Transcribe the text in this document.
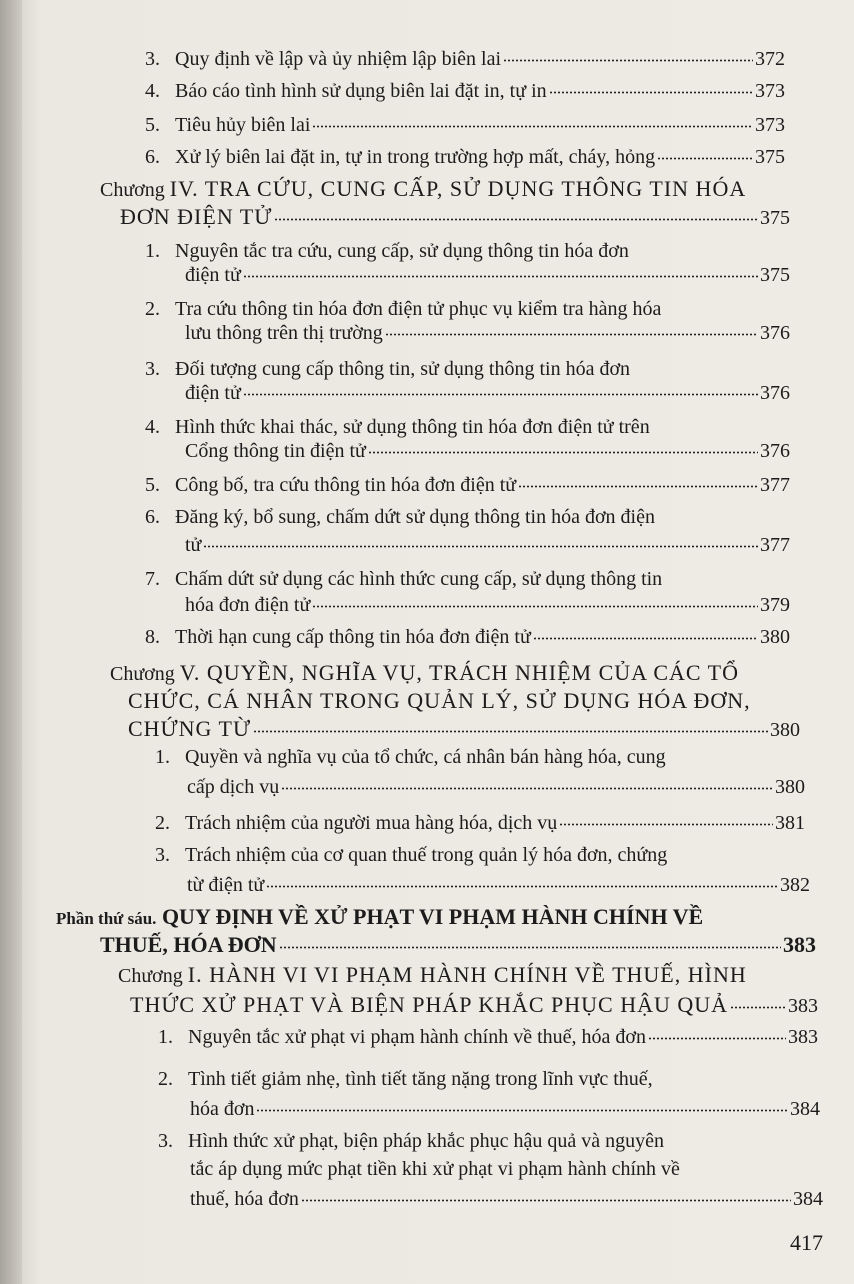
3. Quy định về lập và ủy nhiệm lập biên lai	372
4. Báo cáo tình hình sử dụng biên lai đặt in, tự in	373
5. Tiêu hủy biên lai	373
6. Xử lý biên lai đặt in, tự in trong trường hợp mất, cháy, hỏng	375
Chương IV. TRA CỨU, CUNG CẤP, SỬ DỤNG THÔNG TIN HÓA
ĐƠN ĐIỆN TỬ	375
1. Nguyên tắc tra cứu, cung cấp, sử dụng thông tin hóa đơn
điện tử	375
2. Tra cứu thông tin hóa đơn điện tử phục vụ kiểm tra hàng hóa
lưu thông trên thị trường	376
3. Đối tượng cung cấp thông tin, sử dụng thông tin hóa đơn
điện tử	376
4. Hình thức khai thác, sử dụng thông tin hóa đơn điện tử trên
Cổng thông tin điện tử	376
5. Công bố, tra cứu thông tin hóa đơn điện tử	377
6. Đăng ký, bổ sung, chấm dứt sử dụng thông tin hóa đơn điện
tử	377
7. Chấm dứt sử dụng các hình thức cung cấp, sử dụng thông tin
hóa đơn điện tử	379
8. Thời hạn cung cấp thông tin hóa đơn điện tử	380
Chương V. QUYỀN, NGHĨA VỤ, TRÁCH NHIỆM CỦA CÁC TỔ
CHỨC, CÁ NHÂN TRONG QUẢN LÝ, SỬ DỤNG HÓA ĐƠN,
CHỨNG TỪ	380
1. Quyền và nghĩa vụ của tổ chức, cá nhân bán hàng hóa, cung
cấp dịch vụ	380
2. Trách nhiệm của người mua hàng hóa, dịch vụ	381
3. Trách nhiệm của cơ quan thuế trong quản lý hóa đơn, chứng
từ điện tử	382
Phần thứ sáu. QUY ĐỊNH VỀ XỬ PHẠT VI PHẠM HÀNH CHÍNH VỀ
THUẾ, HÓA ĐƠN	383
Chương I. HÀNH VI VI PHẠM HÀNH CHÍNH VỀ THUẾ, HÌNH
THỨC XỬ PHẠT VÀ BIỆN PHÁP KHẮC PHỤC HẬU QUẢ	383
1. Nguyên tắc xử phạt vi phạm hành chính về thuế, hóa đơn	383
2. Tình tiết giảm nhẹ, tình tiết tăng nặng trong lĩnh vực thuế,
hóa đơn	384
3. Hình thức xử phạt, biện pháp khắc phục hậu quả và nguyên
tắc áp dụng mức phạt tiền khi xử phạt vi phạm hành chính về
thuế, hóa đơn	384
417
